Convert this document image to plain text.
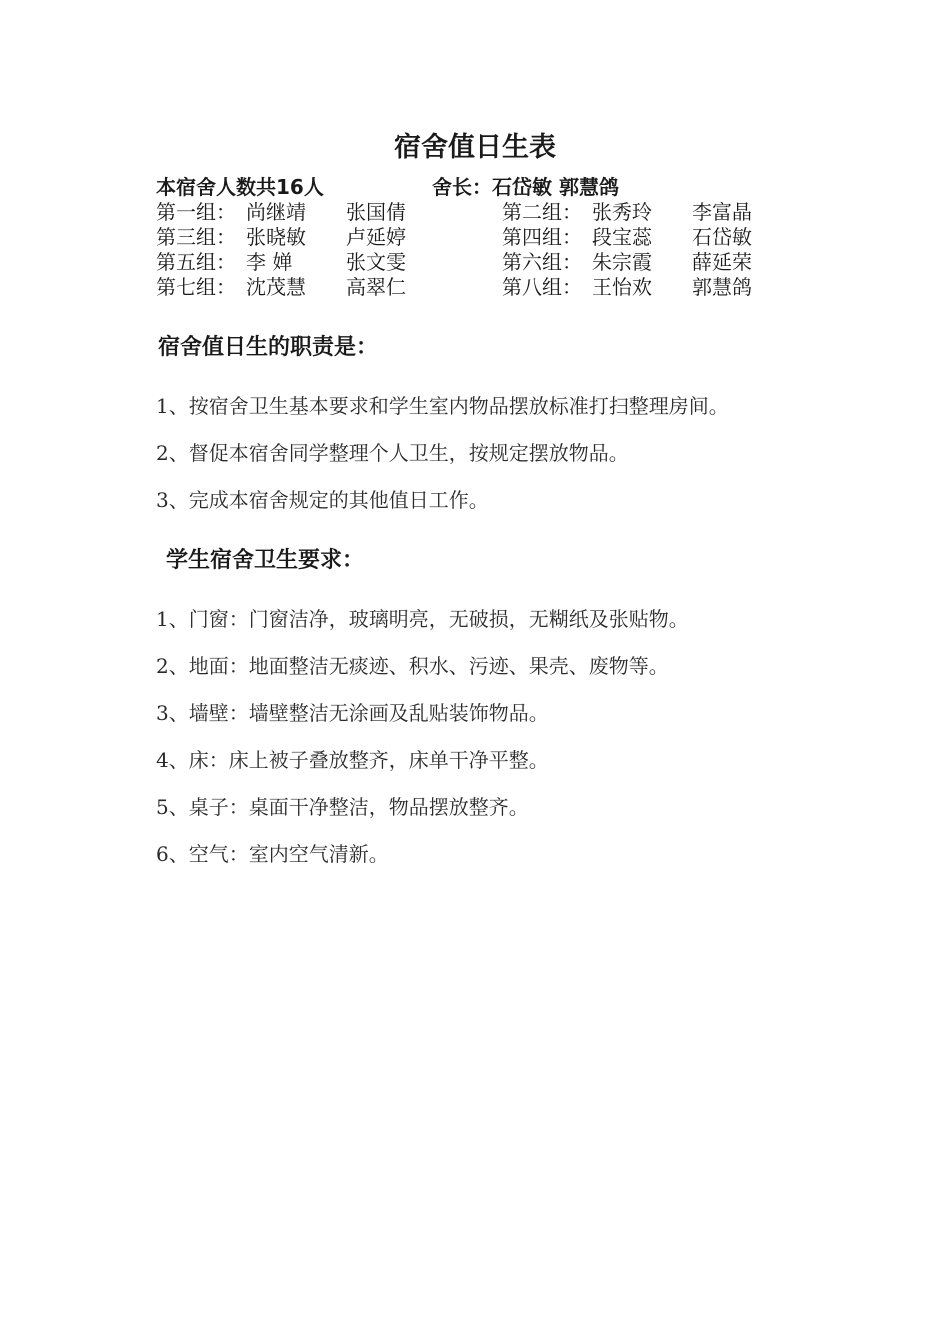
宿舍值日生表
本宿舍人数共16人	舍长：石岱敏 郭慧鸽
第一组： 尚继靖 张国倩	第二组： 张秀玲 李富晶
第三组： 张晓敏 卢延婷	第四组： 段宝蕊 石岱敏
第五组： 李 婵	张文雯	第六组： 朱宗霞 薛延荣
第七组： 沈茂慧 高翠仁	第八组： 王怡欢 郭慧鸽
宿舍值日生的职责是：
1、按宿舍卫生基本要求和学生室内物品摆放标准打扫整理房间。
2、督促本宿舍同学整理个人卫生，按规定摆放物品。
3、完成本宿舍规定的其他值日工作。
学生宿舍卫生要求：
1、门窗：门窗洁净，玻璃明亮，无破损，无糊纸及张贴物。
2、地面：地面整洁无痰迹、积水、污迹、果壳、废物等。
3、墙壁：墙壁整洁无涂画及乱贴装饰物品。
4、床：床上被子叠放整齐，床单干净平整。
5、桌子：桌面干净整洁，物品摆放整齐。
6、空气：室内空气清新。
